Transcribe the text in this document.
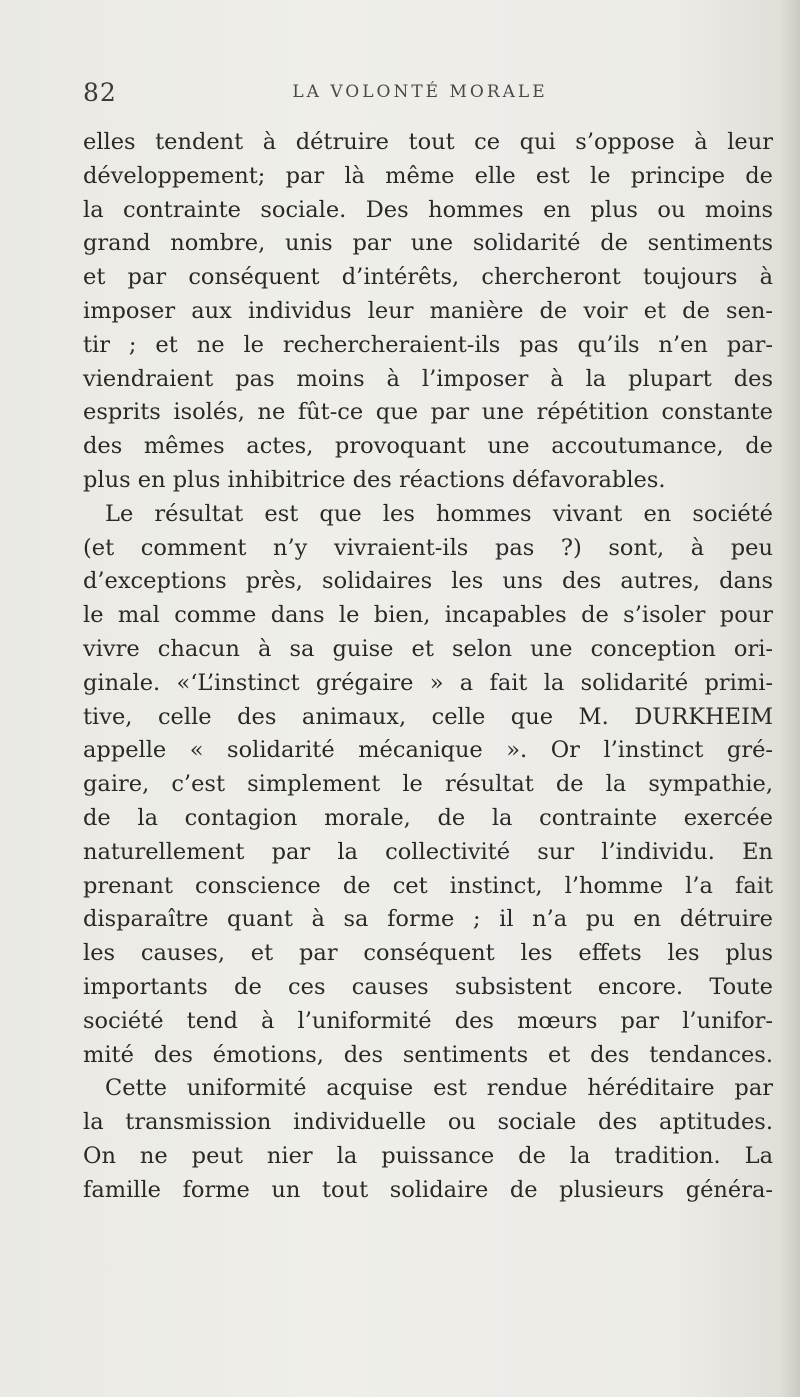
82	LA VOLONTÉ MORALE
elles tendent à détruire tout ce qui s’oppose à leur
développement; par là même elle est le principe de
la contrainte sociale. Des hommes en plus ou moins
grand nombre, unis par une solidarité de sentiments
et par conséquent d’intérêts, chercheront toujours à
imposer aux individus leur manière de voir et de sen-
tir ; et ne le rechercheraient-ils pas qu’ils n’en par-
viendraient pas moins à l’imposer à la plupart des
esprits isolés, ne fût-ce que par une répétition constante
des mêmes actes, provoquant une accoutumance, de
plus en plus inhibitrice des réactions défavorables.
Le résultat est que les hommes vivant en société
(et comment n’y vivraient-ils pas ?) sont, à peu
d’exceptions près, solidaires les uns des autres, dans
le mal comme dans le bien, incapables de s’isoler pour
vivre chacun à sa guise et selon une conception ori-
ginale. «‘L’instinct grégaire » a fait la solidarité primi-
tive, celle des animaux, celle que M. DURKHEIM
appelle « solidarité mécanique ». Or l’instinct gré-
gaire, c’est simplement le résultat de la sympathie,
de la contagion morale, de la contrainte exercée
naturellement par la collectivité sur l’individu. En
prenant conscience de cet instinct, l’homme l’a fait
disparaître quant à sa forme ; il n’a pu en détruire
les causes, et par conséquent les effets les plus
importants de ces causes subsistent encore. Toute
société tend à l’uniformité des mœurs par l’unifor-
mité des émotions, des sentiments et des tendances.
Cette uniformité acquise est rendue héréditaire par
la transmission individuelle ou sociale des aptitudes.
On ne peut nier la puissance de la tradition. La
famille forme un tout solidaire de plusieurs généra-
